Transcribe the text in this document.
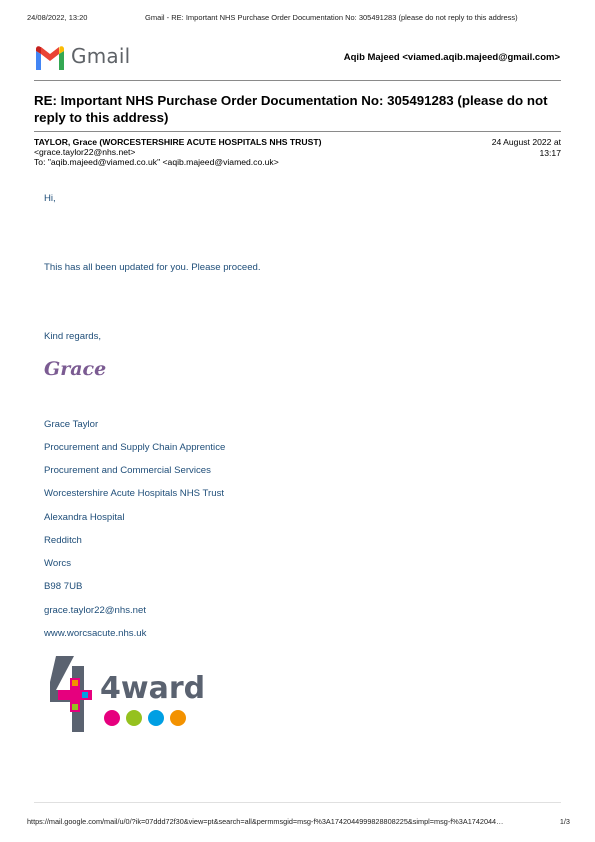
24/08/2022, 13:20	Gmail - RE: Important NHS Purchase Order Documentation No: 305491283 (please do not reply to this address)
Gmail	Aqib Majeed <viamed.aqib.majeed@gmail.com>
RE: Important NHS Purchase Order Documentation No: 305491283 (please do not reply to this address)
TAYLOR, Grace (WORCESTERSHIRE ACUTE HOSPITALS NHS TRUST)
<grace.taylor22@nhs.net>
To: "aqib.majeed@viamed.co.uk" <aqib.majeed@viamed.co.uk>
24 August 2022 at
13:17
Hi,
This has all been updated for you. Please proceed.
Kind regards,
Grace
Grace Taylor
Procurement and Supply Chain Apprentice
Procurement and Commercial Services
Worcestershire Acute Hospitals NHS Trust
Alexandra Hospital
Redditch
Worcs
B98 7UB
grace.taylor22@nhs.net
www.worcsacute.nhs.uk
4ward
https://mail.google.com/mail/u/0/?ik=07ddd72f30&view=pt&search=all&permmsgid=msg-f%3A1742044999828808225&simpl=msg-f%3A1742044…	1/3
